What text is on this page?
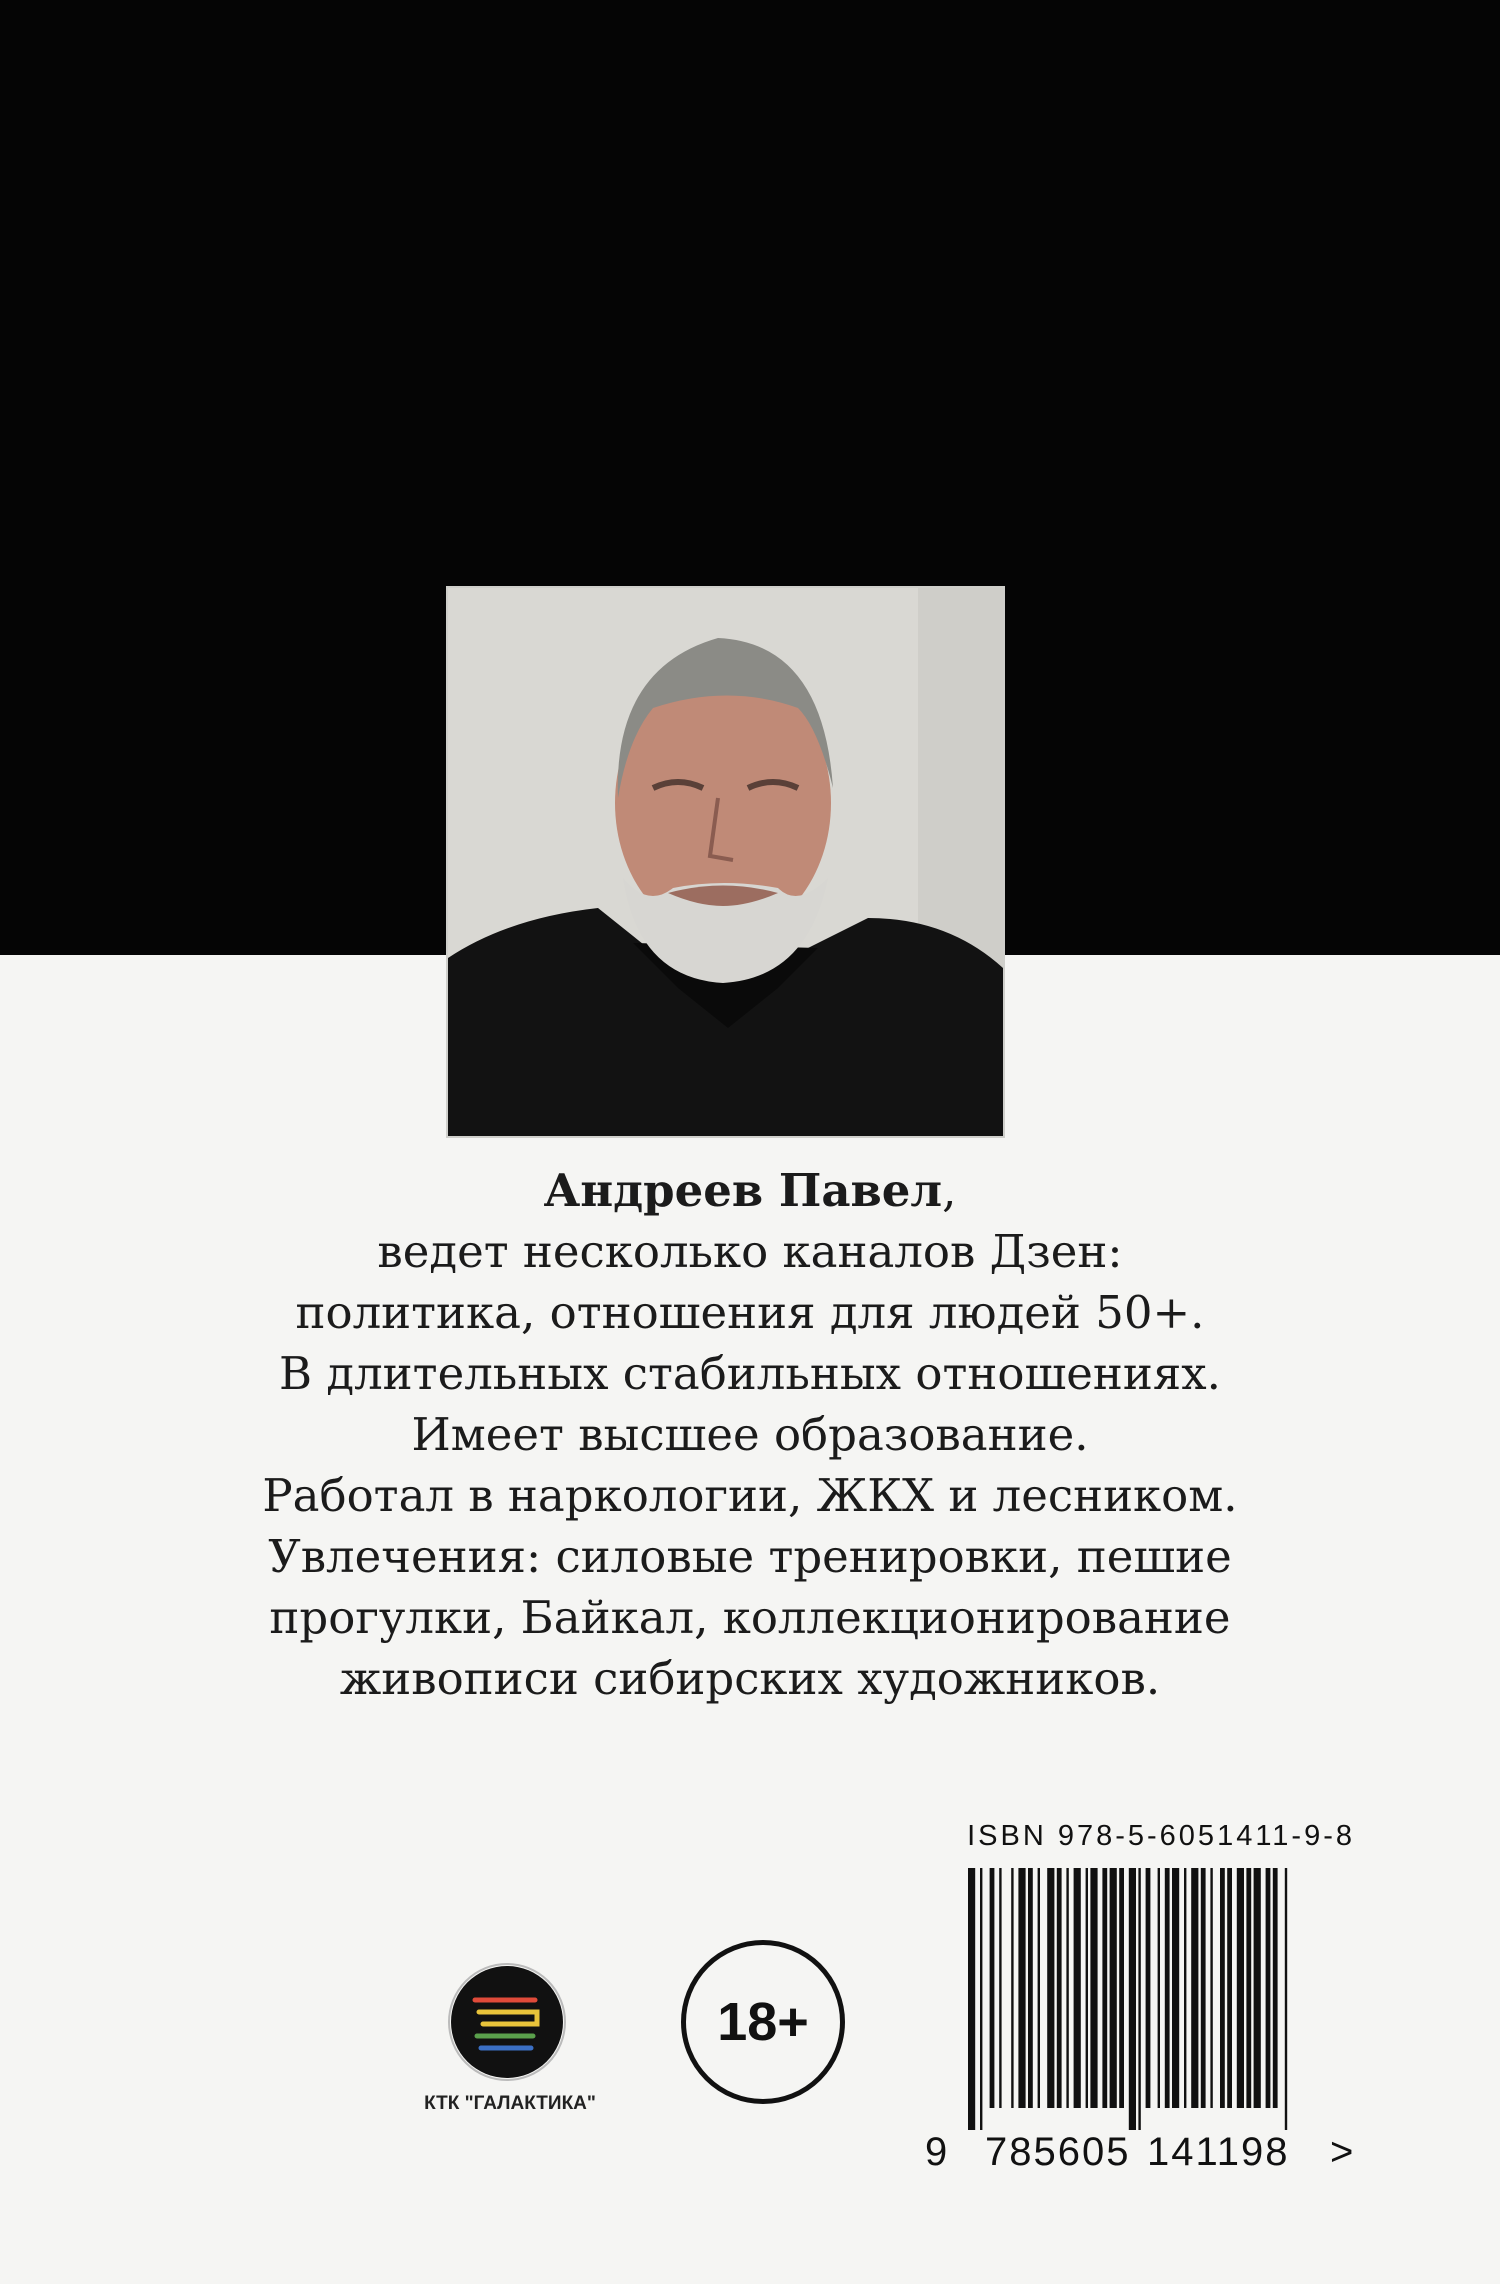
Андреев Павел,
ведет несколько каналов Дзен:
политика, отношения для людей 50+.
В длительных стабильных отношениях.
Имеет высшее образование.
Работал в наркологии, ЖКХ и лесником.
Увлечения: силовые тренировки, пешие
прогулки, Байкал, коллекционирование
живописи сибирских художников.
ISBN 978-5-6051411-9-8
9 785605 141198 >
КТК "ГАЛАКТИКА"
18+
